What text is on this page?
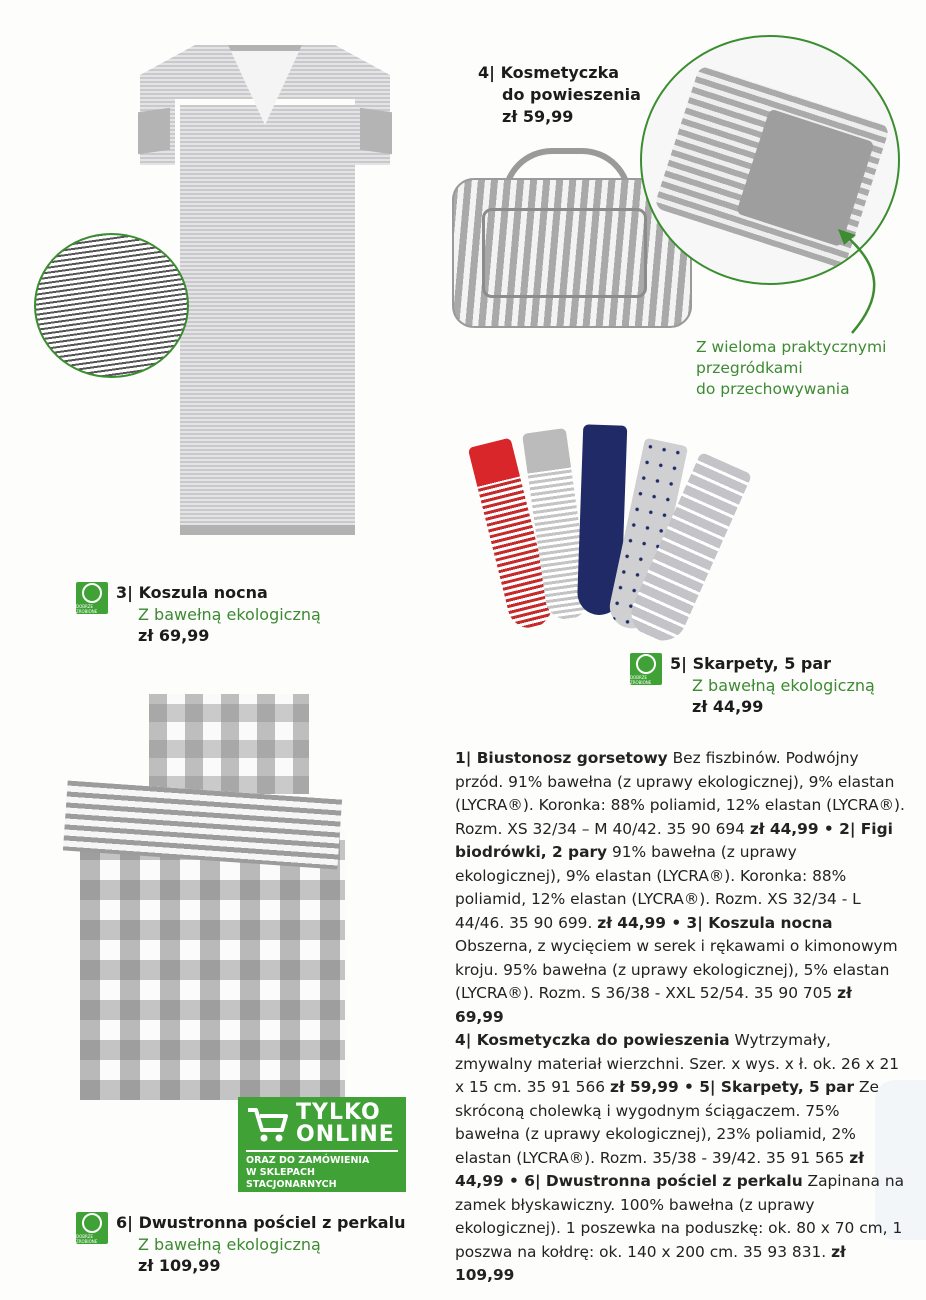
DOBRZE ZROBIONE
3| Koszula nocna
Z bawełną ekologiczną
zł 69,99
4| Kosmetyczka
do powieszenia
zł 59,99
Z wieloma praktycznymi
przegródkami
do przechowywania
DOBRZE ZROBIONE
5| Skarpety, 5 par
Z bawełną ekologiczną
zł 44,99
TYLKO
ONLINE
ORAZ DO ZAMÓWIENIA
W SKLEPACH STACJONARNYCH
DOBRZE ZROBIONE
6| Dwustronna pościel z perkalu
Z bawełną ekologiczną
zł 109,99
1| Biustonosz gorsetowy Bez fiszbinów. Podwójny przód. 91% bawełna (z uprawy ekologicznej), 9% elastan (LYCRA®). Koronka: 88% poliamid, 12% elastan (LYCRA®). Rozm. XS 32/34 – M 40/42. 35 90 694 zł 44,99 • 2| Figi biodrówki, 2 pary 91% bawełna (z uprawy ekologicznej), 9% elastan (LYCRA®). Koronka: 88% poliamid, 12% elastan (LYCRA®). Rozm. XS 32/34 - L 44/46. 35 90 699. zł 44,99 • 3| Koszula nocna Obszerna, z wycięciem w serek i rękawami o kimonowym kroju. 95% bawełna (z uprawy ekologicznej), 5% elastan (LYCRA®). Rozm. S 36/38 - XXL 52/54. 35 90 705 zł 69,99
4| Kosmetyczka do powieszenia Wytrzymały, zmywalny materiał wierzchni. Szer. x wys. x ł. ok. 26 x 21 x 15 cm. 35 91 566 zł 59,99 • 5| Skarpety, 5 par Ze skróconą cholewką i wygodnym ściągaczem. 75% bawełna (z uprawy ekologicznej), 23% poliamid, 2% elastan (LYCRA®). Rozm. 35/38 - 39/42. 35 91 565 zł 44,99 • 6| Dwustronna pościel z perkalu Zapinana na zamek błyskawiczny. 100% bawełna (z uprawy ekologicznej). 1 poszewka na poduszkę: ok. 80 x 70 cm, 1 poszwa na kołdrę: ok. 140 x 200 cm. 35 93 831. zł 109,99
